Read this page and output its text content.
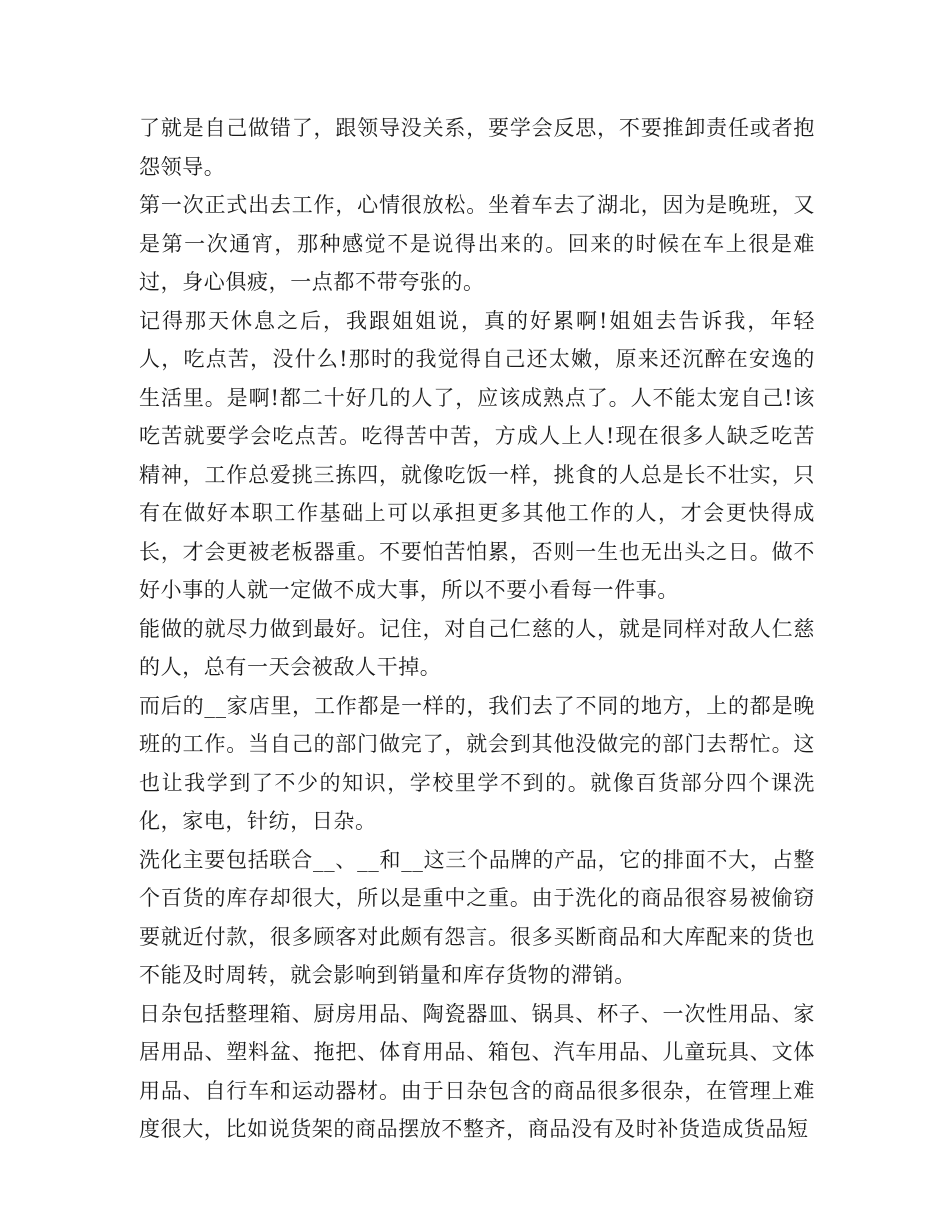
了就是自己做错了，跟领导没关系，要学会反思，不要推卸责任或者抱怨领导。

第一次正式出去工作，心情很放松。坐着车去了湖北，因为是晚班，又是第一次通宵，那种感觉不是说得出来的。回来的时候在车上很是难过，身心俱疲，一点都不带夸张的。

记得那天休息之后，我跟姐姐说，真的好累啊!姐姐去告诉我，年轻人，吃点苦，没什么!那时的我觉得自己还太嫩，原来还沉醉在安逸的生活里。是啊!都二十好几的人了，应该成熟点了。人不能太宠自己!该吃苦就要学会吃点苦。吃得苦中苦，方成人上人!现在很多人缺乏吃苦精神，工作总爱挑三拣四，就像吃饭一样，挑食的人总是长不壮实，只有在做好本职工作基础上可以承担更多其他工作的人，才会更快得成长，才会更被老板器重。不要怕苦怕累，否则一生也无出头之日。做不好小事的人就一定做不成大事，所以不要小看每一件事。

能做的就尽力做到最好。记住，对自己仁慈的人，就是同样对敌人仁慈的人，总有一天会被敌人干掉。

而后的__家店里，工作都是一样的，我们去了不同的地方，上的都是晚班的工作。当自己的部门做完了，就会到其他没做完的部门去帮忙。这也让我学到了不少的知识，学校里学不到的。就像百货部分四个课洗化，家电，针纺，日杂。

洗化主要包括联合__、__和__这三个品牌的产品，它的排面不大，占整个百货的库存却很大，所以是重中之重。由于洗化的商品很容易被偷窃要就近付款，很多顾客对此颇有怨言。很多买断商品和大库配来的货也不能及时周转，就会影响到销量和库存货物的滞销。

日杂包括整理箱、厨房用品、陶瓷器皿、锅具、杯子、一次性用品、家居用品、塑料盆、拖把、体育用品、箱包、汽车用品、儿童玩具、文体用品、自行车和运动器材。由于日杂包含的商品很多很杂，在管理上难度很大，比如说货架的商品摆放不整齐，商品没有及时补货造成货品短
